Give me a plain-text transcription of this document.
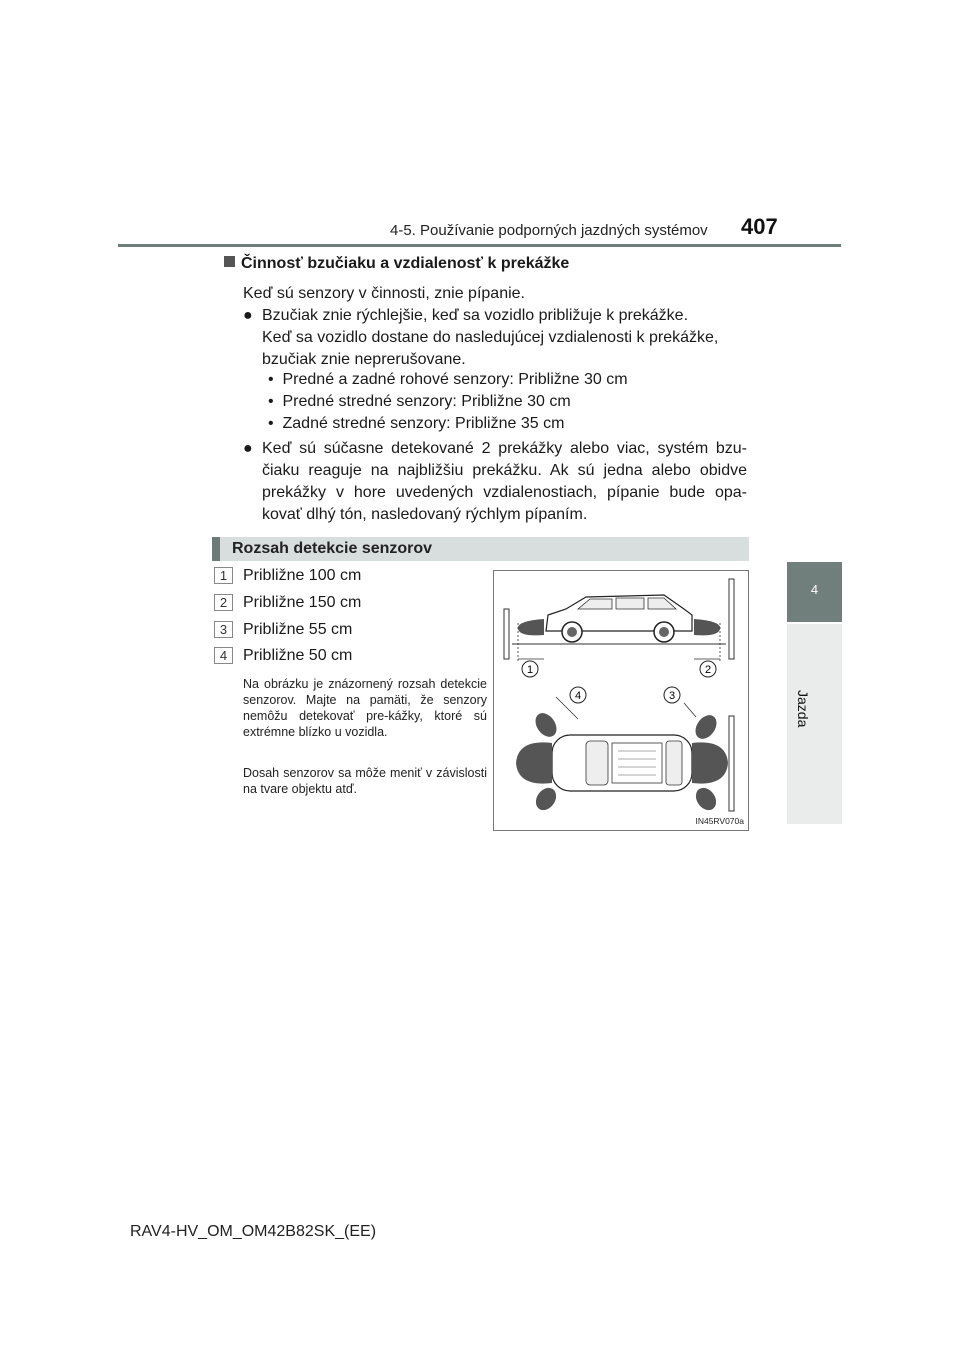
4-5. Používanie podporných jazdných systémov 407
4
Jazda
Činnosť bzučiaku a vzdialenosť k prekážke
Keď sú senzory v činnosti, znie pípanie.
● Bzučiak znie rýchlejšie, keď sa vozidlo približuje k prekážke.
Keď sa vozidlo dostane do nasledujúcej vzdialenosti k prekážke,
bzučiak znie neprerušovane.
•  Predné a zadné rohové senzory: Približne 30 cm
•  Predné stredné senzory: Približne 30 cm
•  Zadné stredné senzory: Približne 35 cm
● Keď sú súčasne detekované 2 prekážky alebo viac, systém bzu-čiaku reaguje na najbližšiu prekážku. Ak sú jedna alebo obidve prekážky v hore uvedených vzdialenostiach, pípanie bude opa-kovať dlhý tón, nasledovaný rýchlym pípaním.
Rozsah detekcie senzorov
1 Približne 100 cm
2 Približne 150 cm
3 Približne 55 cm
4 Približne 50 cm
Na obrázku je znázornený rozsah detekcie senzorov. Majte na pamäti, že senzory nemôžu detekovať pre-kážky, ktoré sú extrémne blízko u vozidla.
Dosah senzorov sa môže meniť v závislosti na tvare objektu atď.
1	2
4	3
IN45RV070a
RAV4-HV_OM_OM42B82SK_(EE)
